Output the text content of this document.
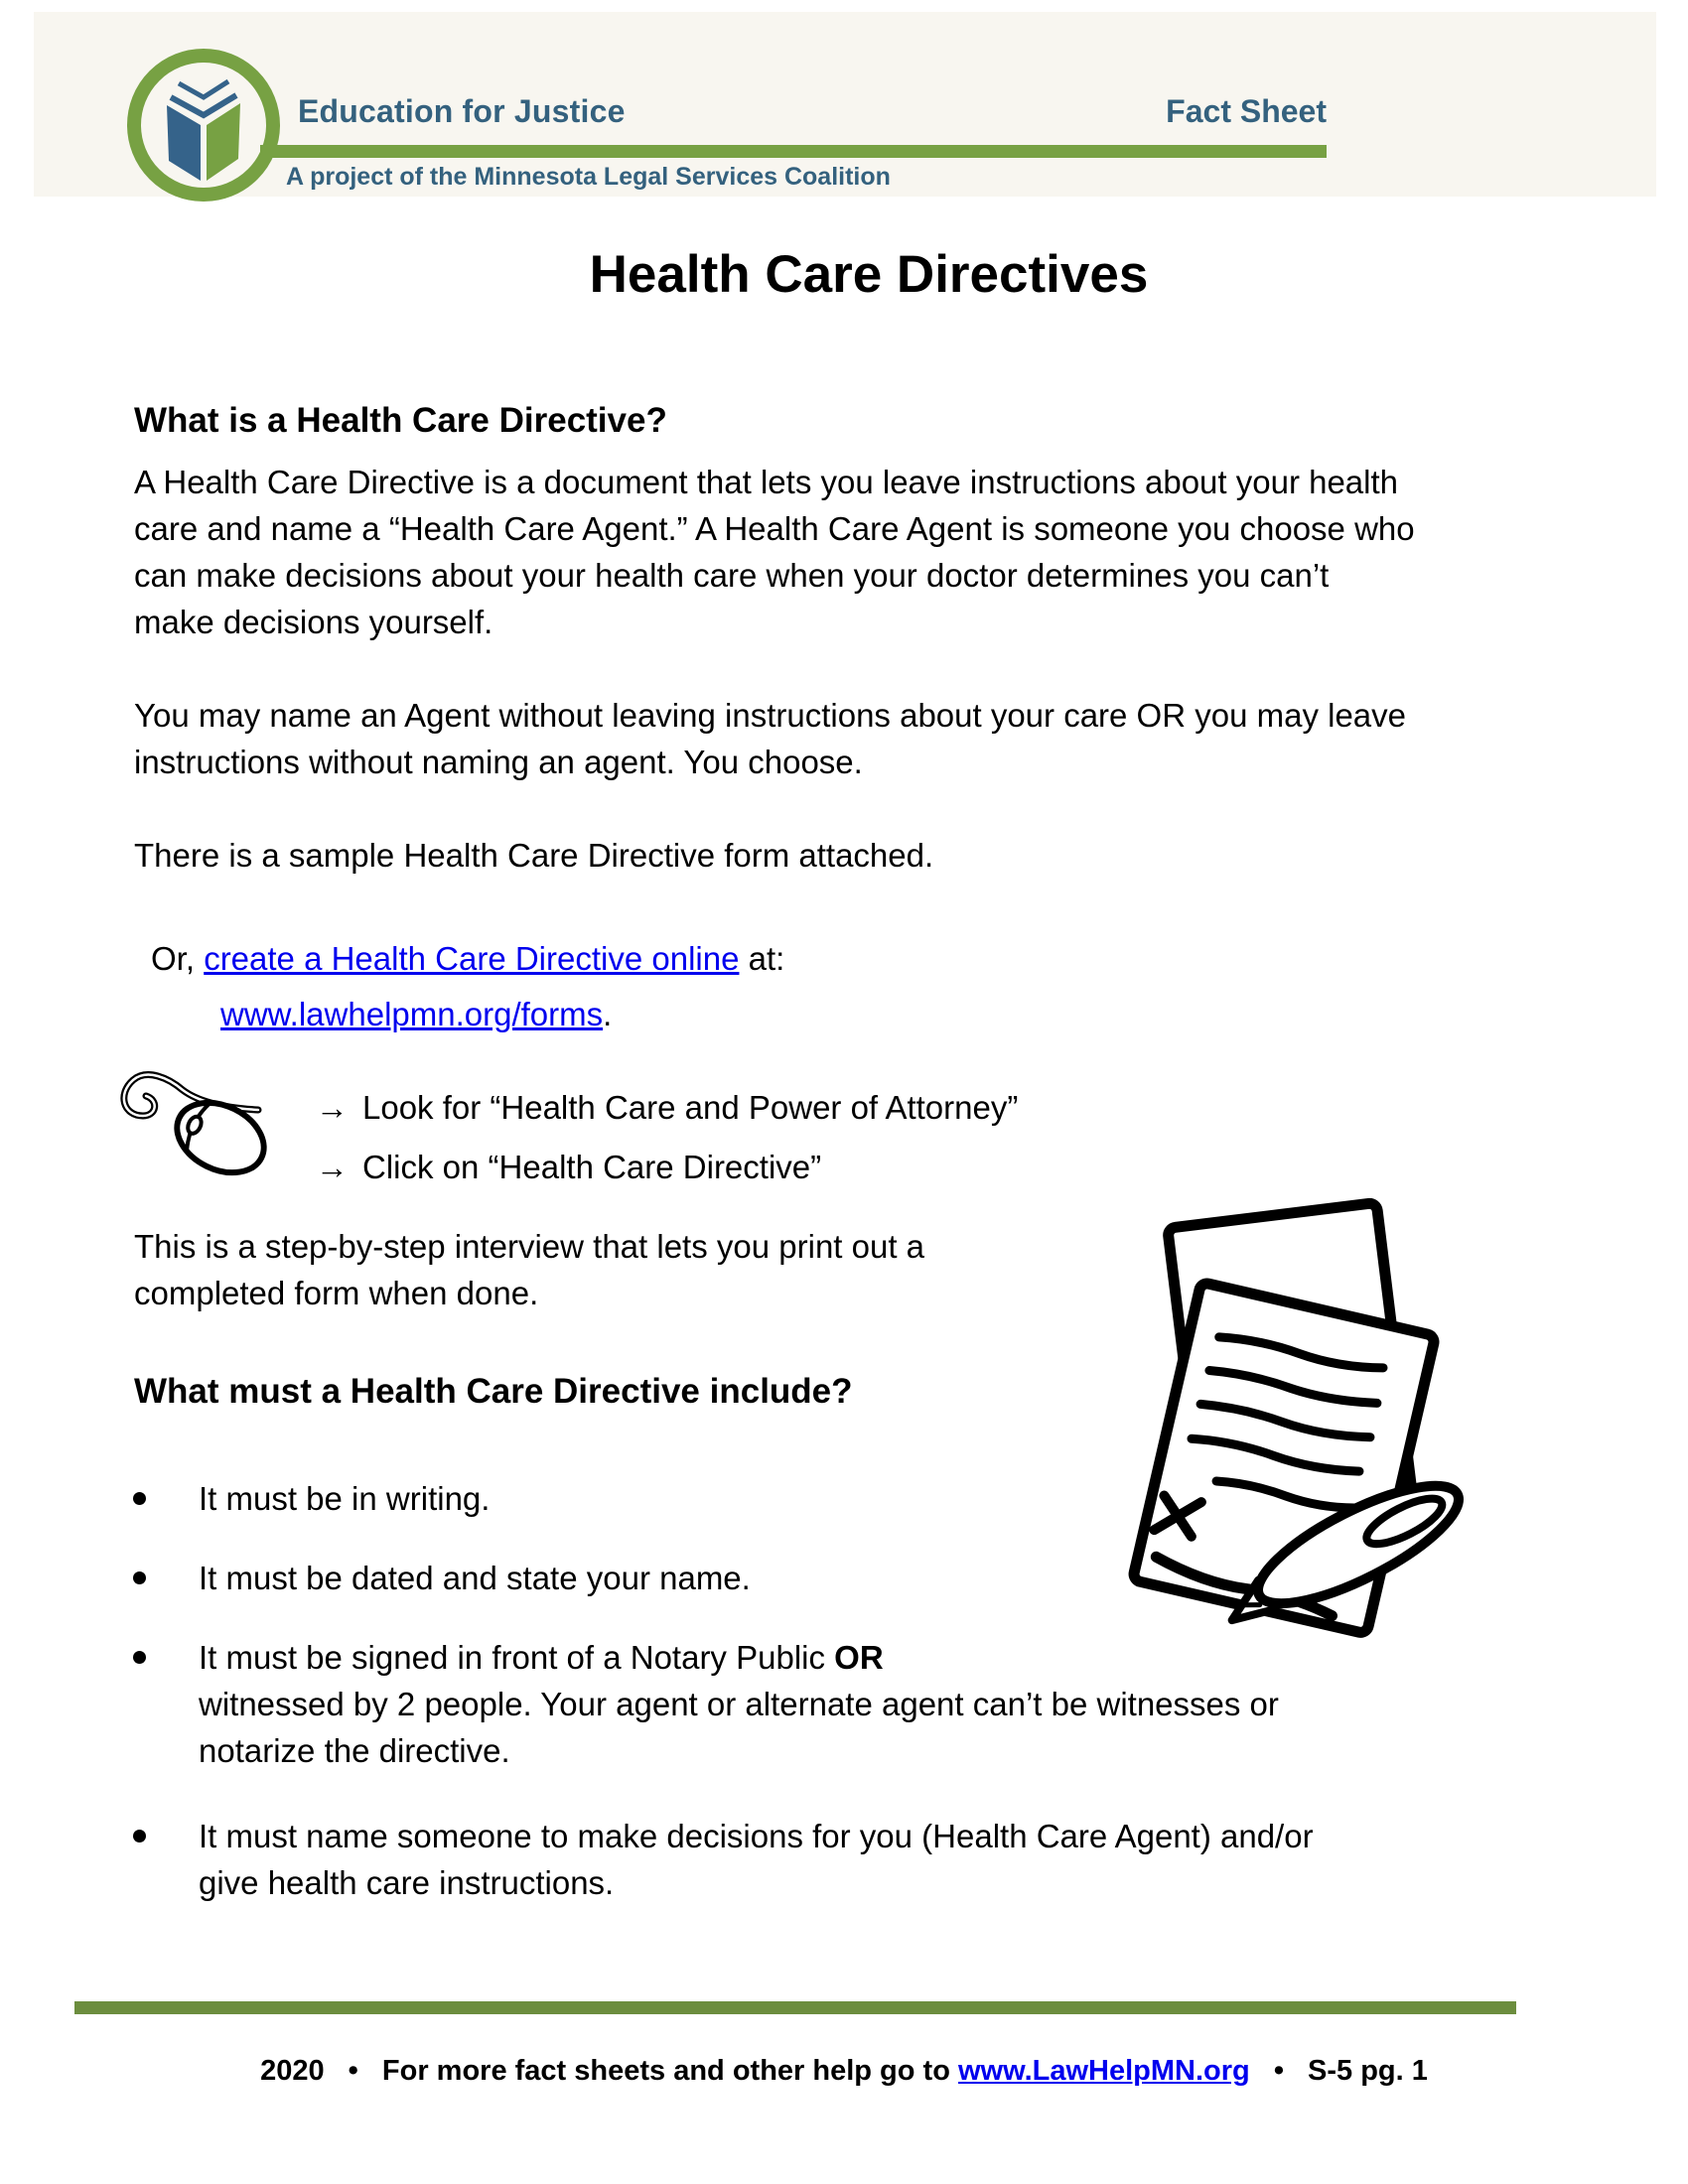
Education for Justice
A project of the Minnesota Legal Services Coalition
Fact Sheet
Health Care Directives
What is a Health Care Directive?
A Health Care Directive is a document that lets you leave instructions about your health
care and name a “Health Care Agent.” A Health Care Agent is someone you choose who
can make decisions about your health care when your doctor determines you can’t
make decisions yourself.
You may name an Agent without leaving instructions about your care OR you may leave
instructions without naming an agent. You choose.
There is a sample Health Care Directive form attached.
Or, create a Health Care Directive online at:
www.lawhelpmn.org/forms.
→ Look for “Health Care and Power of Attorney”
→ Click on “Health Care Directive”
This is a step-by-step interview that lets you print out a
completed form when done.
What must a Health Care Directive include?
It must be in writing.
It must be dated and state your name.
It must be signed in front of a Notary Public OR
witnessed by 2 people. Your agent or alternate agent can’t be witnesses or
notarize the directive.
It must name someone to make decisions for you (Health Care Agent) and/or
give health care instructions.
2020 • For more fact sheets and other help go to www.LawHelpMN.org • S-5 pg. 1
